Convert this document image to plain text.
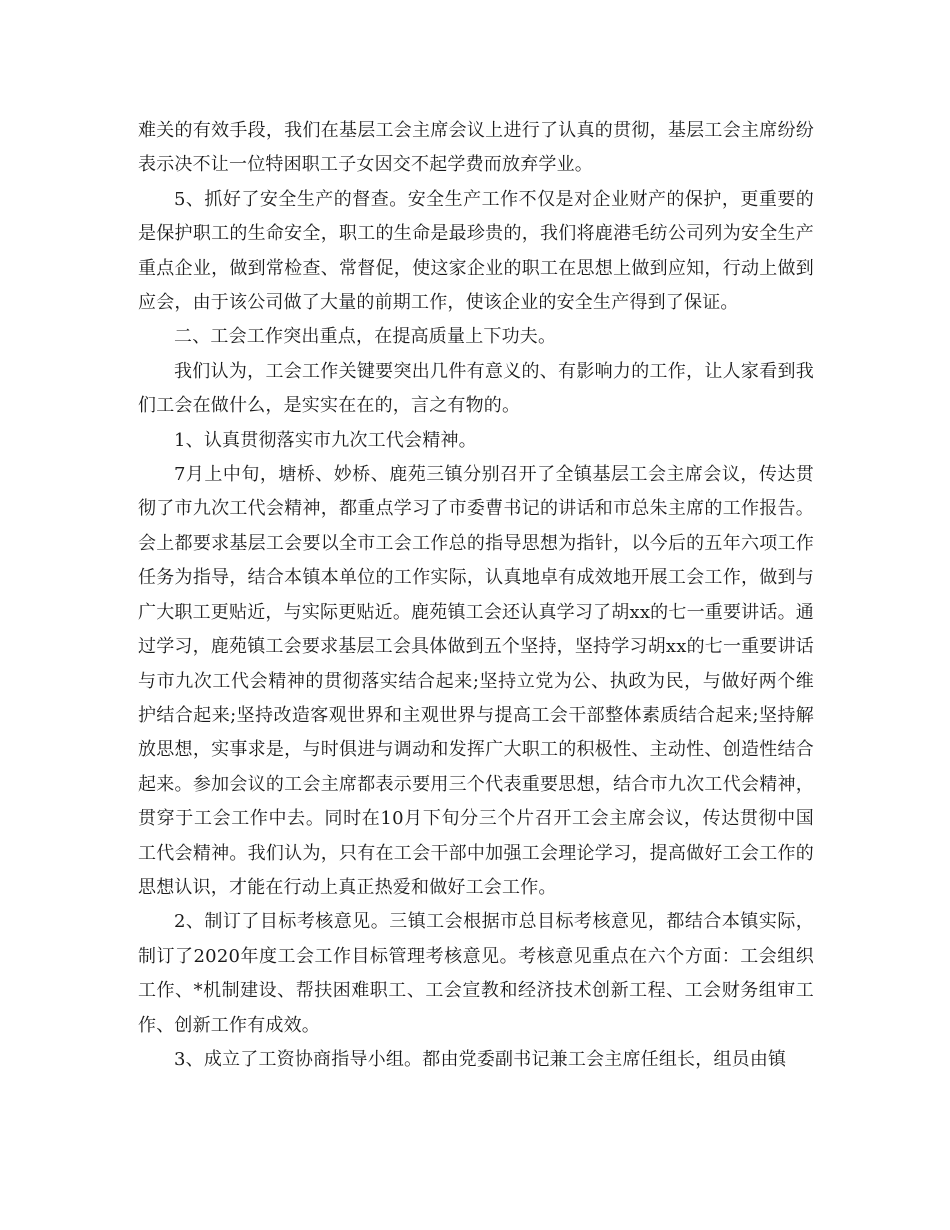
难关的有效手段，我们在基层工会主席会议上进行了认真的贯彻，基层工会主席纷纷表示决不让一位特困职工子女因交不起学费而放弃学业。

5、抓好了安全生产的督查。安全生产工作不仅是对企业财产的保护，更重要的是保护职工的生命安全，职工的生命是最珍贵的，我们将鹿港毛纺公司列为安全生产重点企业，做到常检查、常督促，使这家企业的职工在思想上做到应知，行动上做到应会，由于该公司做了大量的前期工作，使该企业的安全生产得到了保证。

二、工会工作突出重点，在提高质量上下功夫。

我们认为，工会工作关键要突出几件有意义的、有影响力的工作，让人家看到我们工会在做什么，是实实在在的，言之有物的。

1、认真贯彻落实市九次工代会精神。

7月上中旬，塘桥、妙桥、鹿苑三镇分别召开了全镇基层工会主席会议，传达贯彻了市九次工代会精神，都重点学习了市委曹书记的讲话和市总朱主席的工作报告。会上都要求基层工会要以全市工会工作总的指导思想为指针，以今后的五年六项工作任务为指导，结合本镇本单位的工作实际，认真地卓有成效地开展工会工作，做到与广大职工更贴近，与实际更贴近。鹿苑镇工会还认真学习了胡xx的七一重要讲话。通过学习，鹿苑镇工会要求基层工会具体做到五个坚持，坚持学习胡xx的七一重要讲话与市九次工代会精神的贯彻落实结合起来;坚持立党为公、执政为民，与做好两个维护结合起来;坚持改造客观世界和主观世界与提高工会干部整体素质结合起来;坚持解放思想，实事求是，与时俱进与调动和发挥广大职工的积极性、主动性、创造性结合起来。参加会议的工会主席都表示要用三个代表重要思想，结合市九次工代会精神，贯穿于工会工作中去。同时在10月下旬分三个片召开工会主席会议，传达贯彻中国工代会精神。我们认为，只有在工会干部中加强工会理论学习，提高做好工会工作的思想认识，才能在行动上真正热爱和做好工会工作。

2、制订了目标考核意见。三镇工会根据市总目标考核意见，都结合本镇实际，制订了2020年度工会工作目标管理考核意见。考核意见重点在六个方面：工会组织工作、*机制建设、帮扶困难职工、工会宣教和经济技术创新工程、工会财务组审工作、创新工作有成效。

3、成立了工资协商指导小组。都由党委副书记兼工会主席任组长，组员由镇
